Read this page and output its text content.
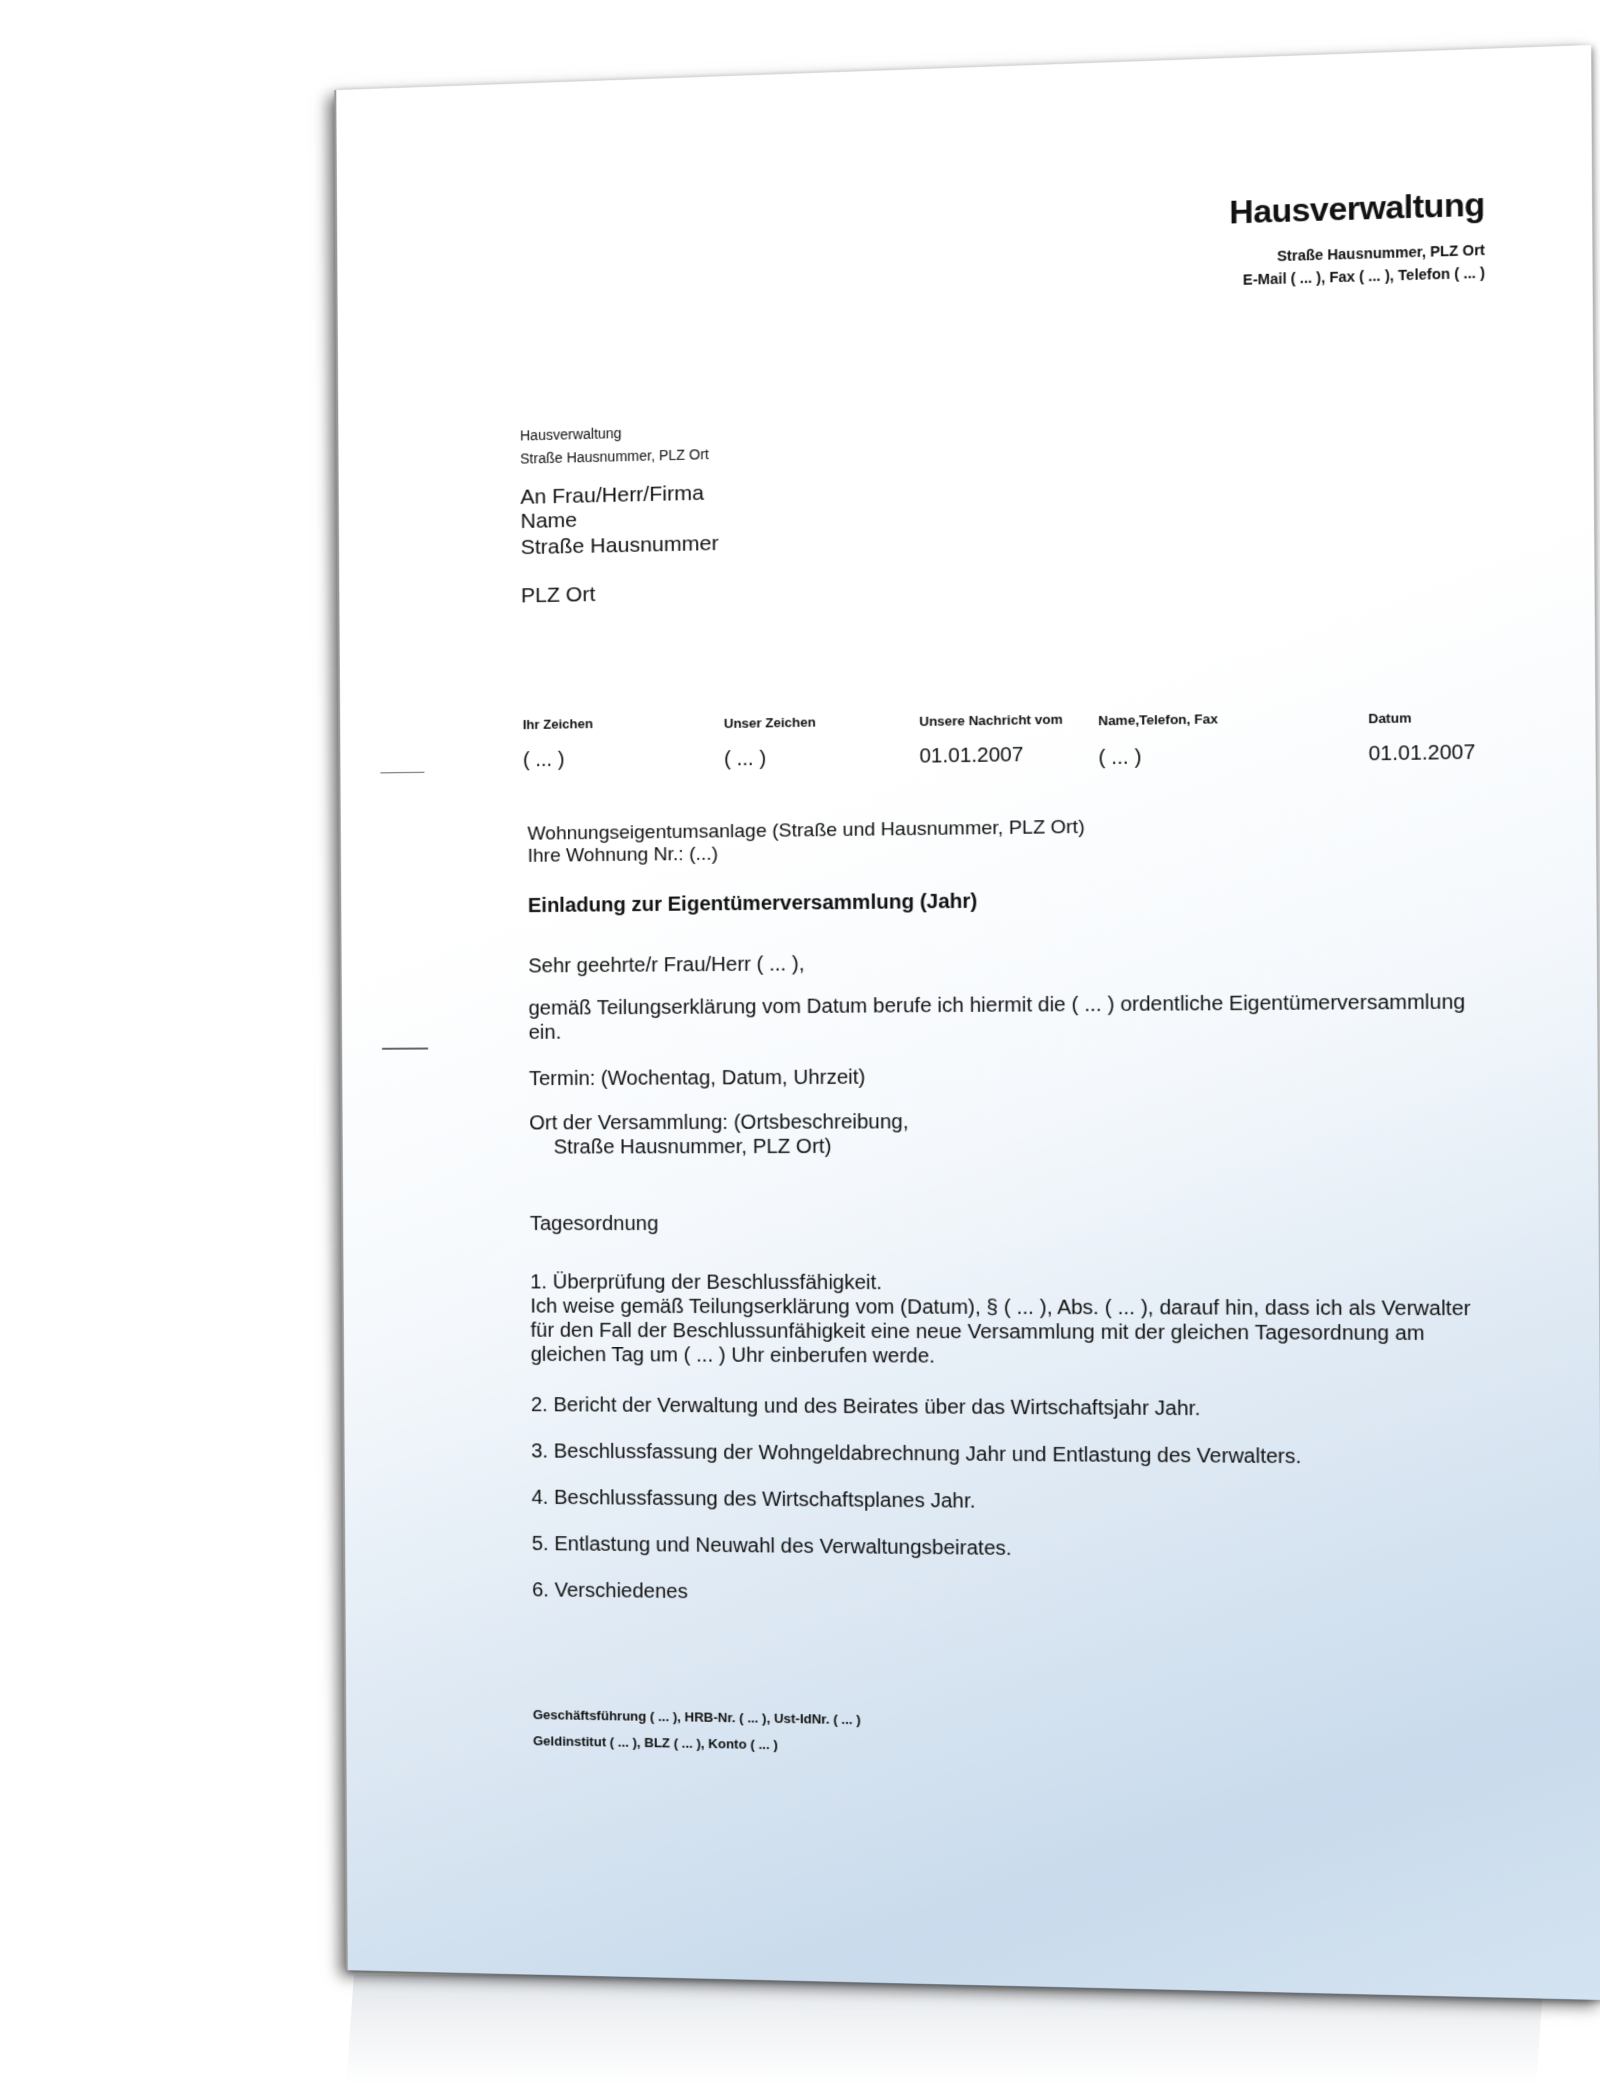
Hausverwaltung
Straße Hausnummer, PLZ Ort
E-Mail ( ... ), Fax ( ... ), Telefon ( ... )
Hausverwaltung
Straße Hausnummer, PLZ Ort
An Frau/Herr/Firma
Name
Straße Hausnummer
PLZ Ort
Ihr Zeichen
( ... )
Unser Zeichen
( ... )
Unsere Nachricht vom
01.01.2007
Name,Telefon, Fax
( ... )
Datum
01.01.2007
Wohnungseigentumsanlage (Straße und Hausnummer, PLZ Ort)
Ihre Wohnung Nr.: (...)
Einladung zur Eigentümerversammlung (Jahr)
Sehr geehrte/r Frau/Herr ( ... ),
gemäß Teilungserklärung vom Datum berufe ich hiermit die ( ... ) ordentliche Eigentümerversammlung
ein.
Termin: (Wochentag, Datum, Uhrzeit)
Ort der Versammlung: (Ortsbeschreibung,
Straße Hausnummer, PLZ Ort)
Tagesordnung
1. Überprüfung der Beschlussfähigkeit.
Ich weise gemäß Teilungserklärung vom (Datum), § ( ... ), Abs. ( ... ), darauf hin, dass ich als Verwalter
für den Fall der Beschlussunfähigkeit eine neue Versammlung mit der gleichen Tagesordnung am
gleichen Tag um ( ... ) Uhr einberufen werde.
2. Bericht der Verwaltung und des Beirates über das Wirtschaftsjahr Jahr.
3. Beschlussfassung der Wohngeldabrechnung Jahr und Entlastung des Verwalters.
4. Beschlussfassung des Wirtschaftsplanes Jahr.
5. Entlastung und Neuwahl des Verwaltungsbeirates.
6. Verschiedenes
Geschäftsführung ( ... ), HRB-Nr. ( ... ), Ust-IdNr. ( ... )
Geldinstitut ( ... ), BLZ ( ... ), Konto ( ... )
